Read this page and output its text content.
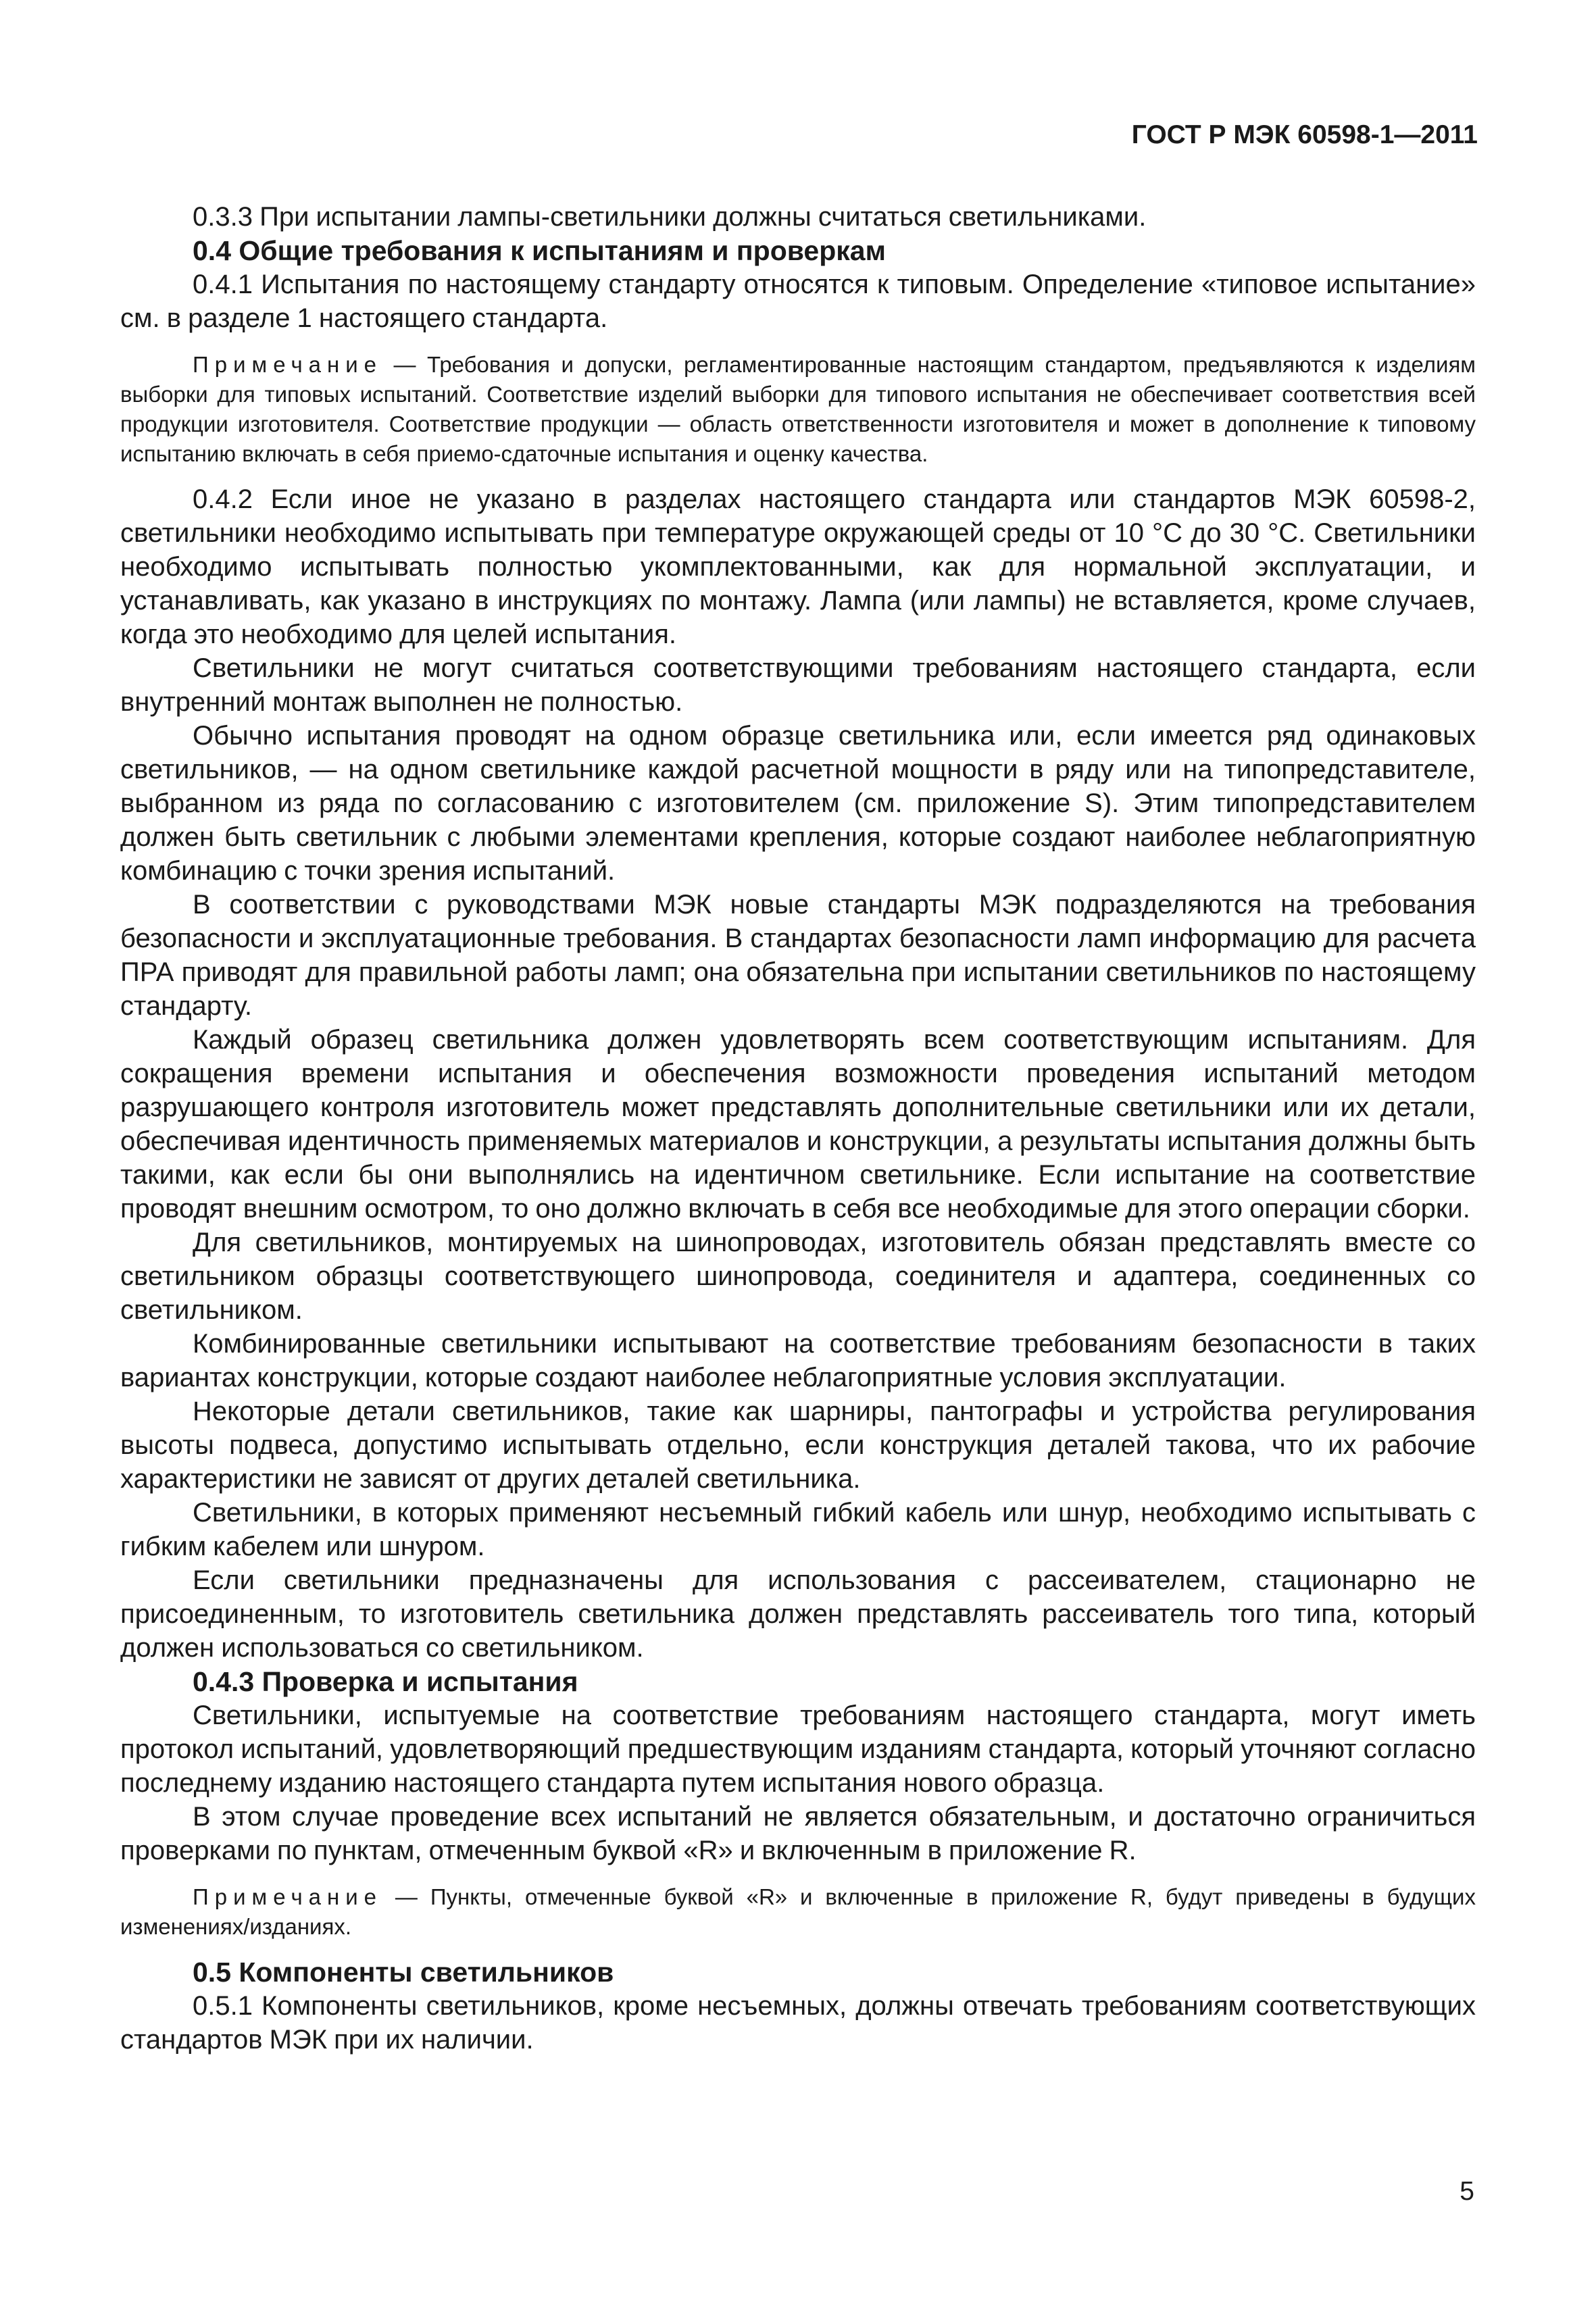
ГОСТ Р МЭК 60598-1—2011

0.3.3 При испытании лампы-светильники должны считаться светильниками.

0.4 Общие требования к испытаниям и проверкам

0.4.1 Испытания по настоящему стандарту относятся к типовым. Определение «типовое испытание» см. в разделе 1 настоящего стандарта.

Примечание — Требования и допуски, регламентированные настоящим стандартом, предъявляются к изделиям выборки для типовых испытаний. Соответствие изделий выборки для типового испытания не обеспечивает соответствия всей продукции изготовителя. Соответствие продукции — область ответственности изготовителя и может в дополнение к типовому испытанию включать в себя приемо-сдаточные испытания и оценку качества.

0.4.2 Если иное не указано в разделах настоящего стандарта или стандартов МЭК 60598-2, светильники необходимо испытывать при температуре окружающей среды от 10 °С до 30 °С. Светильники необходимо испытывать полностью укомплектованными, как для нормальной эксплуатации, и устанавливать, как указано в инструкциях по монтажу. Лампа (или лампы) не вставляется, кроме случаев, когда это необходимо для целей испытания.

Светильники не могут считаться соответствующими требованиям настоящего стандарта, если внутренний монтаж выполнен не полностью.

Обычно испытания проводят на одном образце светильника или, если имеется ряд одинаковых светильников, — на одном светильнике каждой расчетной мощности в ряду или на типопредставителе, выбранном из ряда по согласованию с изготовителем (см. приложение S). Этим типопредставителем должен быть светильник с любыми элементами крепления, которые создают наиболее неблагоприятную комбинацию с точки зрения испытаний.

В соответствии с руководствами МЭК новые стандарты МЭК подразделяются на требования безопасности и эксплуатационные требования. В стандартах безопасности ламп информацию для расчета ПРА приводят для правильной работы ламп; она обязательна при испытании светильников по настоящему стандарту.

Каждый образец светильника должен удовлетворять всем соответствующим испытаниям. Для сокращения времени испытания и обеспечения возможности проведения испытаний методом разрушающего контроля изготовитель может представлять дополнительные светильники или их детали, обеспечивая идентичность применяемых материалов и конструкции, а результаты испытания должны быть такими, как если бы они выполнялись на идентичном светильнике. Если испытание на соответствие проводят внешним осмотром, то оно должно включать в себя все необходимые для этого операции сборки.

Для светильников, монтируемых на шинопроводах, изготовитель обязан представлять вместе со светильником образцы соответствующего шинопровода, соединителя и адаптера, соединенных со светильником.

Комбинированные светильники испытывают на соответствие требованиям безопасности в таких вариантах конструкции, которые создают наиболее неблагоприятные условия эксплуатации.

Некоторые детали светильников, такие как шарниры, пантографы и устройства регулирования высоты подвеса, допустимо испытывать отдельно, если конструкция деталей такова, что их рабочие характеристики не зависят от других деталей светильника.

Светильники, в которых применяют несъемный гибкий кабель или шнур, необходимо испытывать с гибким кабелем или шнуром.

Если светильники предназначены для использования с рассеивателем, стационарно не присоединенным, то изготовитель светильника должен представлять рассеиватель того типа, который должен использоваться со светильником.

0.4.3 Проверка и испытания

Светильники, испытуемые на соответствие требованиям настоящего стандарта, могут иметь протокол испытаний, удовлетворяющий предшествующим изданиям стандарта, который уточняют согласно последнему изданию настоящего стандарта путем испытания нового образца.

В этом случае проведение всех испытаний не является обязательным, и достаточно ограничиться проверками по пунктам, отмеченным буквой «R» и включенным в приложение R.

Примечание — Пункты, отмеченные буквой «R» и включенные в приложение R, будут приведены в будущих изменениях/изданиях.

0.5 Компоненты светильников

0.5.1 Компоненты светильников, кроме несъемных, должны отвечать требованиям соответствующих стандартов МЭК при их наличии.

5
